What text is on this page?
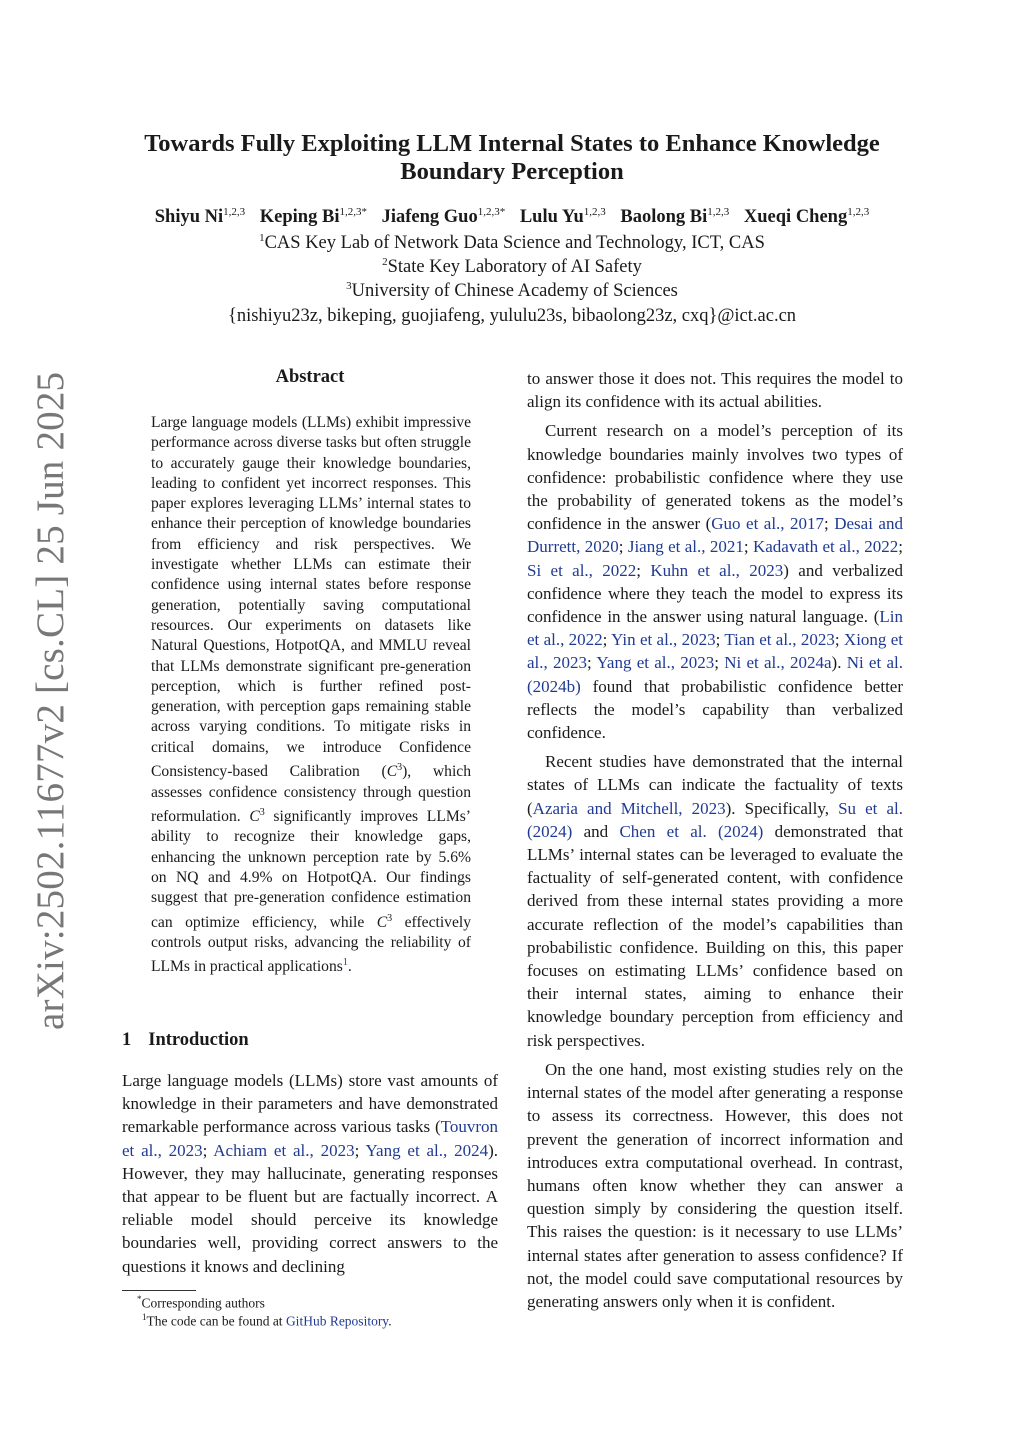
arXiv:2502.11677v2 [cs.CL] 25 Jun 2025
Towards Fully Exploiting LLM Internal States to Enhance Knowledge
Boundary Perception
Shiyu Ni$^{1,2,3}$ Keping $Bi^{1,2,3*}$ Jiafeng Guo$^{1,2,3*}$ Lulu Yu$^{1,2,3}$ Baolong Bi$^{1,2,3}$ Xueqi Cheng$^{1,2,3}$
$^1$CAS Key Lab of Network Data Science and Technology, ICT, CAS
$^2$State Key Laboratory of AI Safety
$^3$University of Chinese Academy of Sciences
{nishiyu23z, bikeping, guojiafeng, yululu23s, bibaolong23z, cxq}@ict.ac.cn
Abstract

Large language models (LLMs) exhibit impressive performance across diverse tasks but often struggle to accurately gauge their knowledge boundaries, leading to confident yet incorrect responses. This paper explores leveraging LLMs’ internal states to enhance their perception of knowledge boundaries from efficiency and risk perspectives. We investigate whether LLMs can estimate their confidence using internal states before response generation, potentially saving computational resources. Our experiments on datasets like Natural Questions, HotpotQA, and MMLU reveal that LLMs demonstrate significant pre-generation perception, which is further refined post-generation, with perception gaps remaining stable across varying conditions. To mitigate risks in critical domains, we introduce Confidence Consistency-based Calibration $(C^3)$, which assesses confidence consistency through question reformulation. $C^3$ significantly improves LLMs’ ability to recognize their knowledge gaps, enhancing the unknown perception rate by 5.6% on NQ and 4.9% on HotpotQA. Our findings suggest that pre-generation confidence estimation can optimize efficiency, while $C^3$ effectively controls output risks, advancing the reliability of LLMs in practical applications$^1$.

1 Introduction

Large language models (LLMs) store vast amounts of knowledge in their parameters and have demonstrated remarkable performance across various tasks (Touvron et al., 2023; Achiam et al., 2023; Yang et al., 2024). However, they may hallucinate, generating responses that appear to be fluent but are factually incorrect. A reliable model should perceive its knowledge boundaries well, providing correct answers to the questions it knows and declining

*Corresponding authors
$^1$The code can be found at GitHub Repository.

to answer those it does not. This requires the model to align its confidence with its actual abilities.

Current research on a model’s perception of its knowledge boundaries mainly involves two types of confidence: probabilistic confidence where they use the probability of generated tokens as the model’s confidence in the answer (Guo et al., 2017; Desai and Durrett, 2020; Jiang et al., 2021; Kadavath et al., 2022; Si et al., 2022; Kuhn et al., 2023) and verbalized confidence where they teach the model to express its confidence in the answer using natural language. (Lin et al., 2022; Yin et al., 2023; Tian et al., 2023; Xiong et al., 2023; Yang et al., 2023; Ni et al., 2024a). Ni et al. (2024b) found that probabilistic confidence better reflects the model’s capability than verbalized confidence.

Recent studies have demonstrated that the internal states of LLMs can indicate the factuality of texts (Azaria and Mitchell, 2023). Specifically, Su et al. (2024) and Chen et al. (2024) demonstrated that LLMs’ internal states can be leveraged to evaluate the factuality of self-generated content, with confidence derived from these internal states providing a more accurate reflection of the model’s capabilities than probabilistic confidence. Building on this, this paper focuses on estimating LLMs’ confidence based on their internal states, aiming to enhance their knowledge boundary perception from efficiency and risk perspectives.

On the one hand, most existing studies rely on the internal states of the model after generating a response to assess its correctness. However, this does not prevent the generation of incorrect information and introduces extra computational overhead. In contrast, humans often know whether they can answer a question simply by considering the question itself. This raises the question: is it necessary to use LLMs’ internal states after generation to assess confidence? If not, the model could save computational resources by generating answers only when it is confident.
